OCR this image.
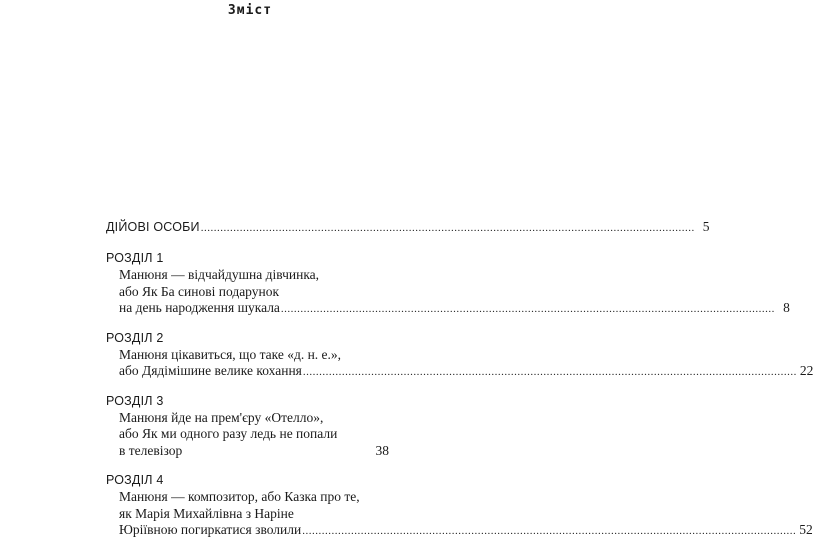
Зміст
ДІЙОВІ ОСОБИ .....	5
РОЗДІЛ 1
Манюня — відчайдушна дівчинка,
або Як Ба синові подарунок
на день народження шукала .....	8
РОЗДІЛ 2
Манюня цікавиться, що таке «д. н. е.»,
або Дядімішине велике кохання .....	22
РОЗДІЛ 3
Манюня йде на прем'єру «Отелло»,
або Як ми одного разу ледь не попали
в телевізор	38
РОЗДІЛ 4
Манюня — композитор, або Казка про те,
як Марія Михайлівна з Наріне
Юріївною погиркатися зволили .....	52
